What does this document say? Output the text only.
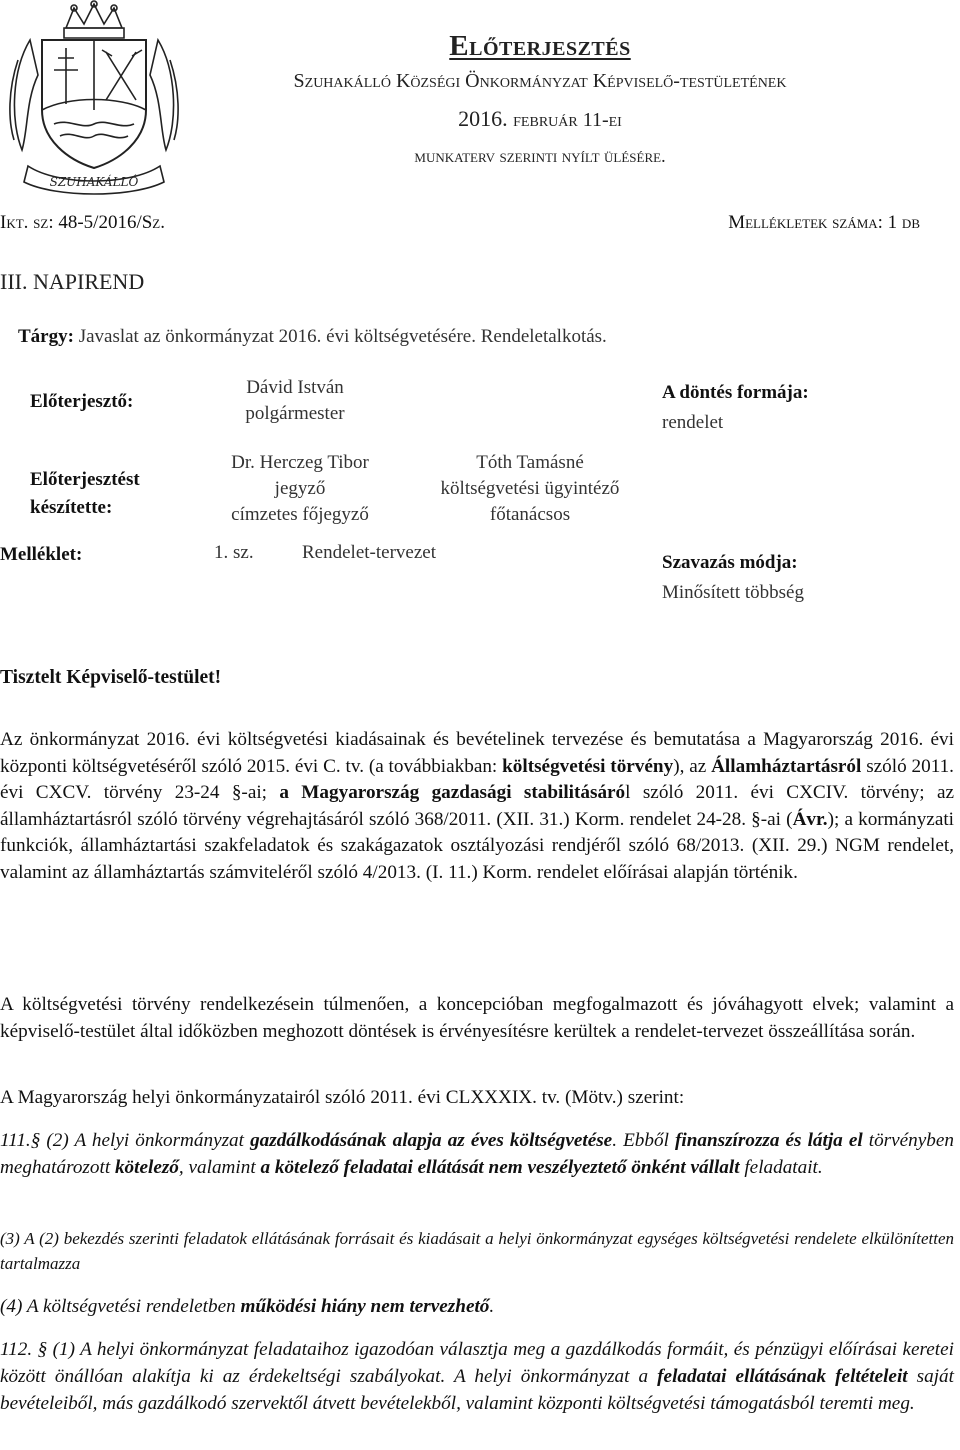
SZUHAKÁLLÓ
Előterjesztés
Szuhakálló Községi Önkormányzat Képviselő-testületének
2016. február 11-ei
munkaterv szerinti nyílt ülésére.
Ikt. sz: 48-5/2016/Sz.	Mellékletek száma: 1 db
III. NAPIREND
Tárgy: Javaslat az önkormányzat 2016. évi költségvetésére. Rendeletalkotás.
Előterjesztő:
Dávid István
polgármester
A döntés formája:
rendelet
Előterjesztést
készítette:
Dr. Herczeg Tibor
jegyző
címzetes főjegyző
Tóth Tamásné
költségvetési ügyintéző
főtanácsos
Melléklet:	1. sz.	Rendelet-tervezet	Szavazás módja:
Minősített többség
Tisztelt Képviselő-testület!
Az önkormányzat 2016. évi költségvetési kiadásainak és bevételinek tervezése és bemutatása a Magyarország 2016. évi központi költségvetéséről szóló 2015. évi C. tv. (a továbbiakban: költségvetési törvény), az Államháztartásról szóló 2011. évi CXCV. törvény 23-24 §-ai; a Magyarország gazdasági stabilitásáról szóló 2011. évi CXCIV. törvény; az államháztartásról szóló törvény végrehajtásáról szóló 368/2011. (XII. 31.) Korm. rendelet 24-28. §-ai (Ávr.); a kormányzati funkciók, államháztartási szakfeladatok és szakágazatok osztályozási rendjéről szóló 68/2013. (XII. 29.) NGM rendelet, valamint az államháztartás számviteléről szóló 4/2013. (I. 11.) Korm. rendelet előírásai alapján történik.
A költségvetési törvény rendelkezésein túlmenően, a koncepcióban megfogalmazott és jóváhagyott elvek; valamint a képviselő-testület által időközben meghozott döntések is érvényesítésre kerültek a rendelet-tervezet összeállítása során.
A Magyarország helyi önkormányzatairól szóló 2011. évi CLXXXIX. tv. (Mötv.) szerint:
111.§ (2) A helyi önkormányzat gazdálkodásának alapja az éves költségvetése. Ebből finanszírozza és látja el törvényben meghatározott kötelező, valamint a kötelező feladatai ellátását nem veszélyeztető önként vállalt feladatait.
(3) A (2) bekezdés szerinti feladatok ellátásának forrásait és kiadásait a helyi önkormányzat egységes költségvetési rendelete elkülönítetten tartalmazza
(4) A költségvetési rendeletben működési hiány nem tervezhető.
112. § (1) A helyi önkormányzat feladataihoz igazodóan választja meg a gazdálkodás formáit, és pénzügyi előírásai keretei között önállóan alakítja ki az érdekeltségi szabályokat. A helyi önkormányzat a feladatai ellátásának feltételeit saját bevételeiből, más gazdálkodó szervektől átvett bevételekből, valamint központi költségvetési támogatásból teremti meg.
